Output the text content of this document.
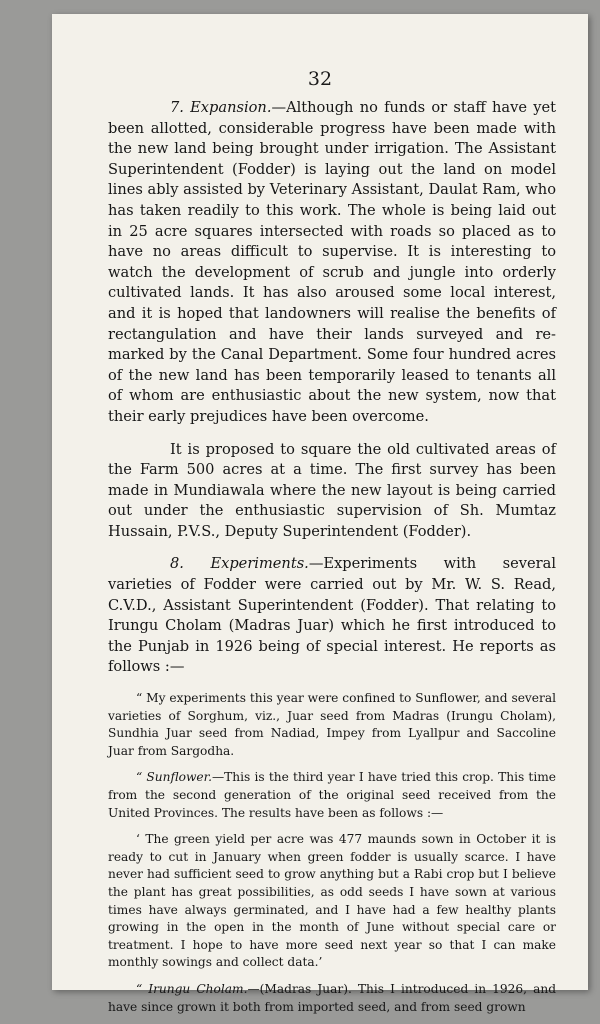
32

7. Expansion.—Although no funds or staff have yet been allotted, considerable progress have been made with the new land being brought under irrigation. The Assistant Superintendent (Fodder) is laying out the land on model lines ably assisted by Veterinary Assistant, Daulat Ram, who has taken readily to this work. The whole is being laid out in 25 acre squares intersected with roads so placed as to have no areas difficult to supervise. It is interesting to watch the development of scrub and jungle into orderly cultivated lands. It has also aroused some local interest, and it is hoped that landowners will realise the benefits of rectangulation and have their lands surveyed and re-marked by the Canal Department. Some four hundred acres of the new land has been temporarily leased to tenants all of whom are enthusiastic about the new system, now that their early prejudices have been overcome.

It is proposed to square the old cultivated areas of the Farm 500 acres at a time. The first survey has been made in Mundiawala where the new layout is being carried out under the enthusiastic supervision of Sh. Mumtaz Hussain, P.V.S., Deputy Superintendent (Fodder).

8. Experiments.—Experiments with several varieties of Fodder were carried out by Mr. W. S. Read, C.V.D., Assistant Superintendent (Fodder). That relating to Irungu Cholam (Madras Juar) which he first introduced to the Punjab in 1926 being of special interest. He reports as follows :—

“ My experiments this year were confined to Sunflower, and several varieties of Sorghum, viz., Juar seed from Madras (Irungu Cholam), Sundhia Juar seed from Nadiad, Impey from Lyallpur and Saccoline Juar from Sargodha.

“ Sunflower.—This is the third year I have tried this crop. This time from the second generation of the original seed received from the United Provinces. The results have been as follows :—

‘ The green yield per acre was 477 maunds sown in October it is ready to cut in January when green fodder is usually scarce. I have never had sufficient seed to grow anything but a Rabi crop but I believe the plant has great possibilities, as odd seeds I have sown at various times have always germinated, and I have had a few healthy plants growing in the open in the month of June without special care or treatment. I hope to have more seed next year so that I can make monthly sowings and collect data.’

“ Irungu Cholam.—(Madras Juar). This I introduced in 1926, and have since grown it both from imported seed, and from seed grown
